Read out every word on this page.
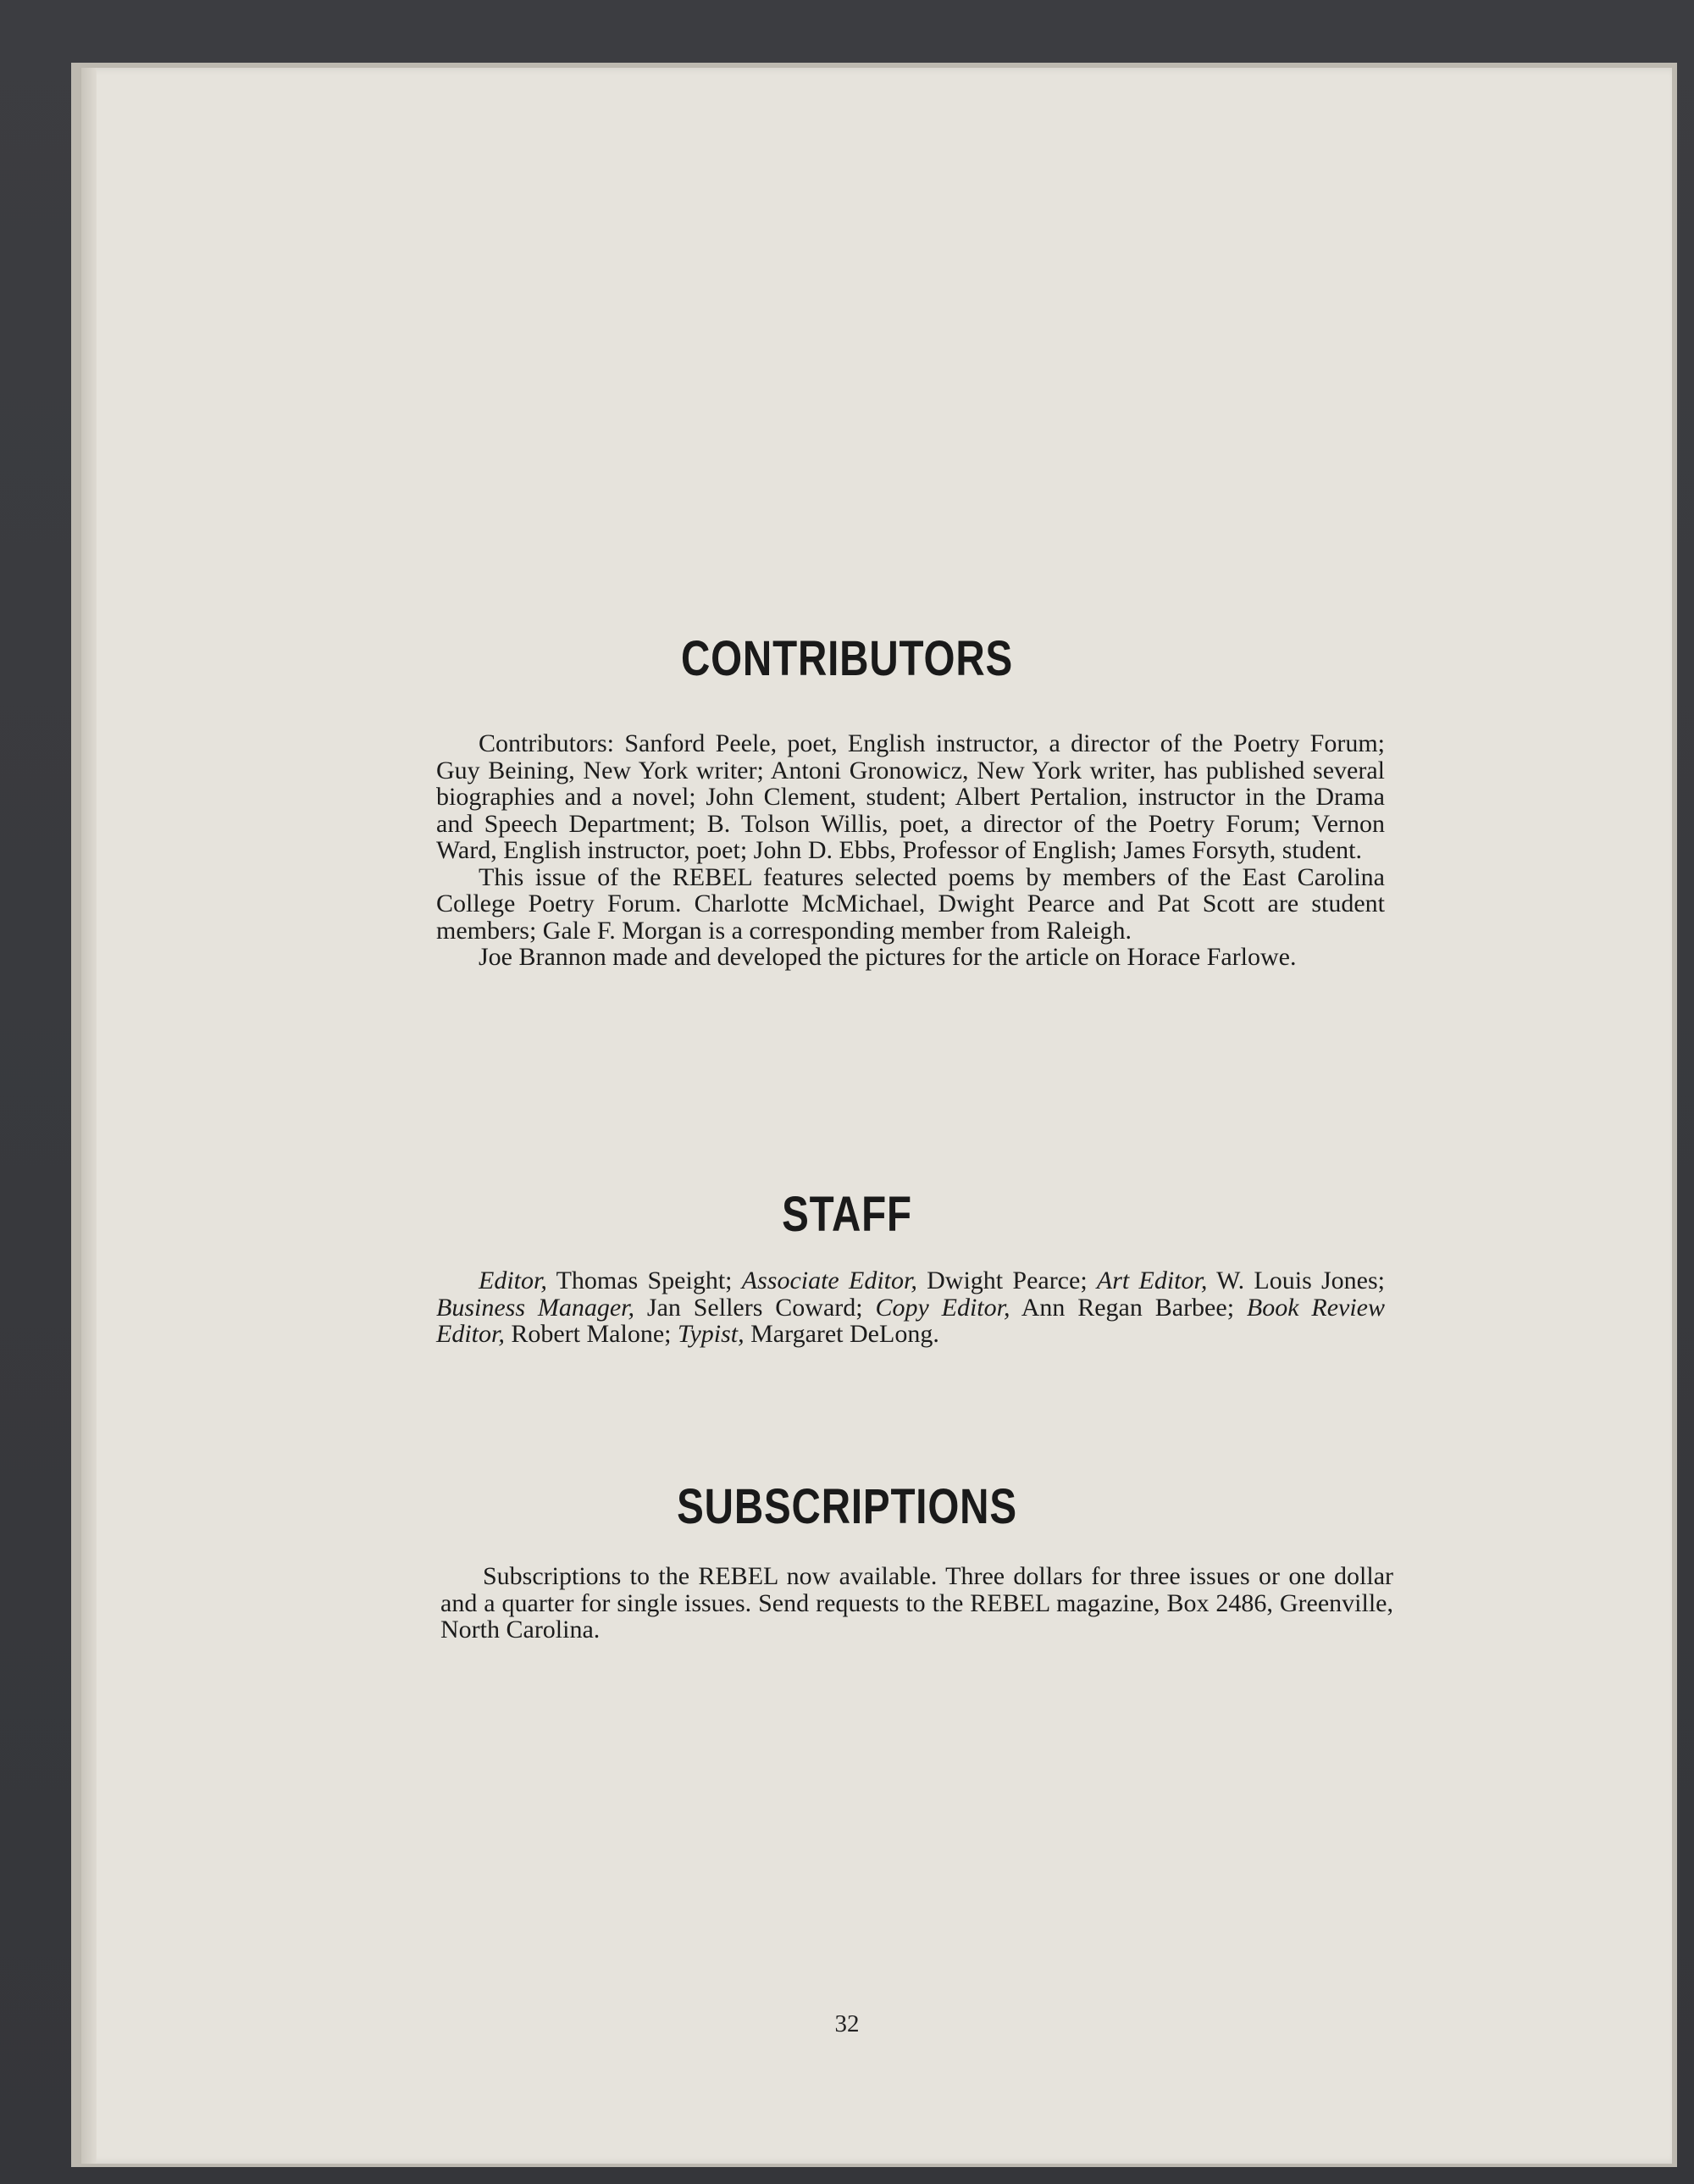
CONTRIBUTORS

Contributors: Sanford Peele, poet, English instructor, a director of the Poetry Forum; Guy Beining, New York writer; Antoni Gronowicz, New York writer, has published several biographies and a novel; John Clement, student; Albert Pertalion, instructor in the Drama and Speech Department; B. Tolson Willis, poet, a director of the Poetry Forum; Vernon Ward, English instructor, poet; John D. Ebbs, Professor of English; James Forsyth, student.

This issue of the REBEL features selected poems by members of the East Carolina College Poetry Forum. Charlotte McMichael, Dwight Pearce and Pat Scott are student members; Gale F. Morgan is a corresponding member from Raleigh.

Joe Brannon made and developed the pictures for the article on Horace Farlowe.

STAFF

Editor, Thomas Speight; Associate Editor, Dwight Pearce; Art Editor, W. Louis Jones; Business Manager, Jan Sellers Coward; Copy Editor, Ann Regan Barbee; Book Review Editor, Robert Malone; Typist, Margaret DeLong.

SUBSCRIPTIONS

Subscriptions to the REBEL now available. Three dollars for three issues or one dollar and a quarter for single issues. Send requests to the REBEL magazine, Box 2486, Greenville, North Carolina.

32
